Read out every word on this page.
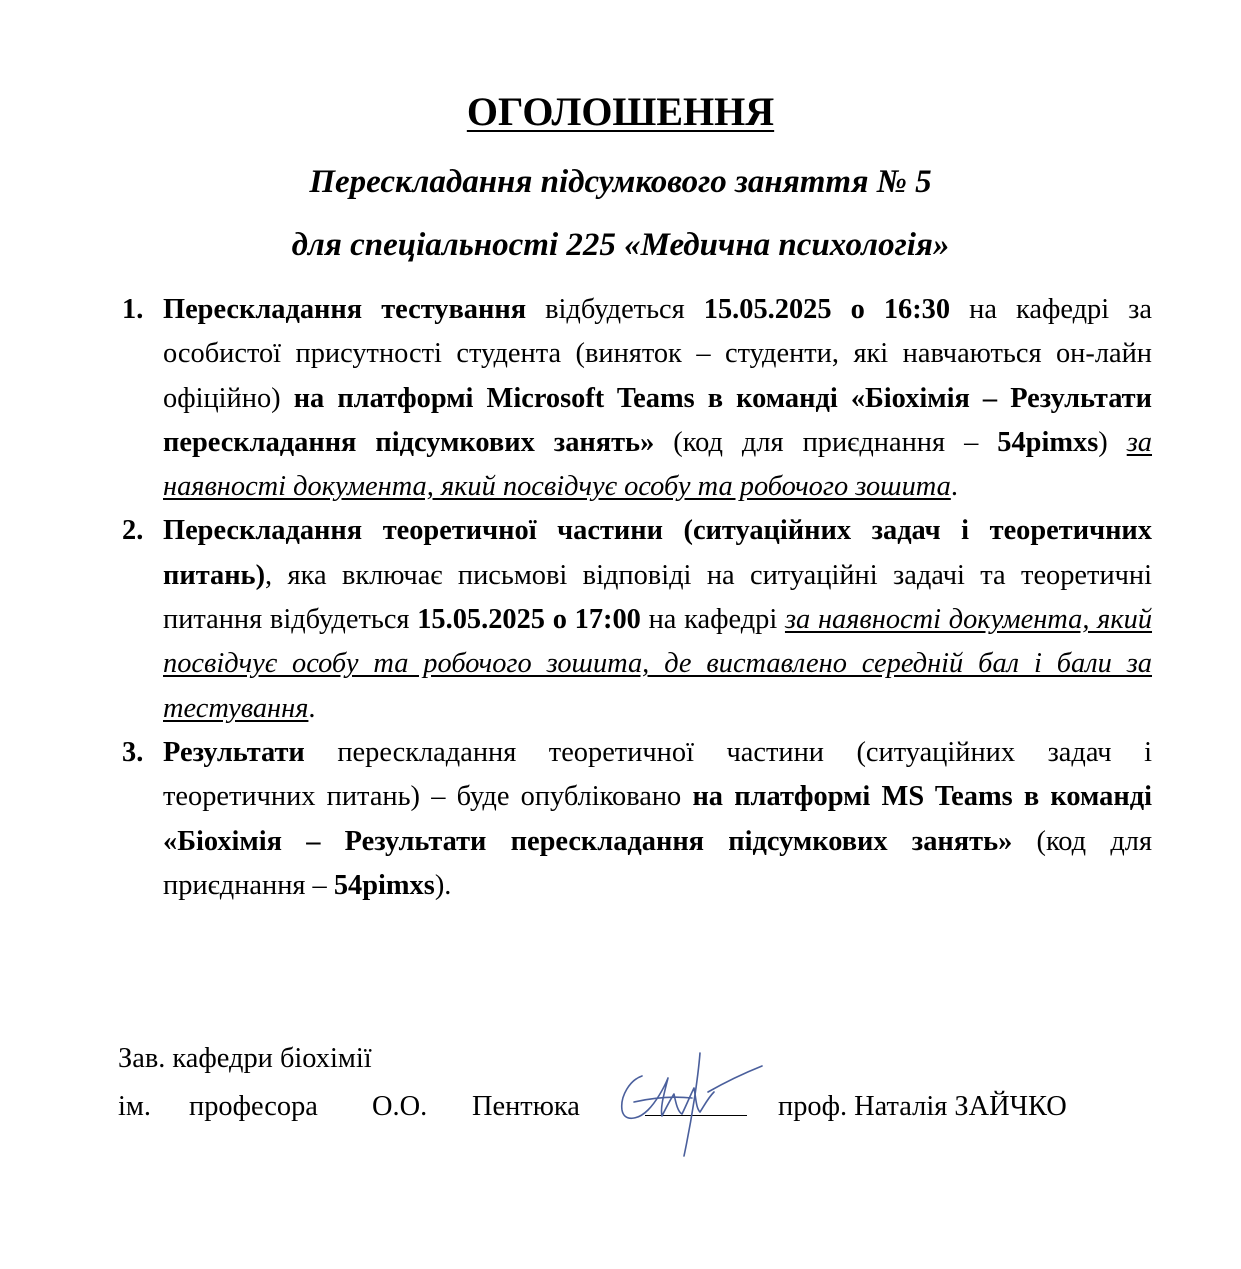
ОГОЛОШЕННЯ
Перескладання підсумкового заняття № 5
для спеціальності 225 «Медична психологія»
1. Перескладання тестування відбудеться 15.05.2025 о 16:30 на кафедрі за особистої присутності студента (виняток – студенти, які навчаються он-лайн офіційно) на платформі Microsoft Teams в команді «Біохімія – Результати перескладання підсумкових занять» (код для приєднання – 54pimxs) за наявності документа, який посвідчує особу та робочого зошита.
2. Перескладання теоретичної частини (ситуаційних задач і теоретичних питань), яка включає письмові відповіді на ситуаційні задачі та теоретичні питання відбудеться 15.05.2025 о 17:00 на кафедрі за наявності документа, який посвідчує особу та робочого зошита, де виставлено середній бал і бали за тестування.
3. Результати перескладання теоретичної частини (ситуаційних задач і теоретичних питань) – буде опубліковано на платформі MS Teams в команді «Біохімія – Результати перескладання підсумкових занять» (код для приєднання – 54pimxs).
Зав. кафедри біохімії
ім. професора О.О. Пентюка	проф. Наталія ЗАЙЧКО
